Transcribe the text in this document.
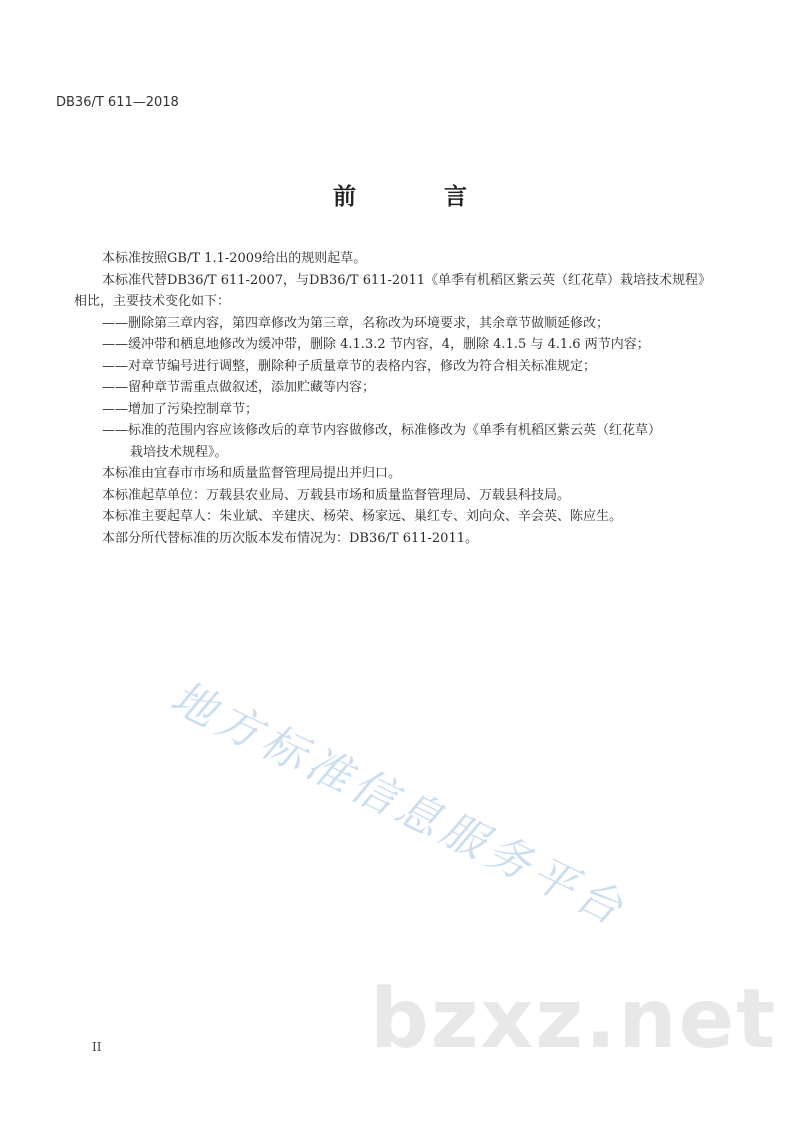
DB36/T 611—2018
前 言
本标准按照GB/T 1.1-2009给出的规则起草。
本标准代替DB36/T 611-2007，与DB36/T 611-2011《单季有机稻区紫云英（红花草）栽培技术规程》
相比，主要技术变化如下：
——删除第三章内容，第四章修改为第三章，名称改为环境要求，其余章节做顺延修改；
——缓冲带和栖息地修改为缓冲带，删除 4.1.3.2 节内容，4，删除 4.1.5 与 4.1.6 两节内容；
——对章节编号进行调整，删除种子质量章节的表格内容，修改为符合相关标准规定；
——留种章节需重点做叙述，添加贮藏等内容；
——增加了污染控制章节；
——标准的范围内容应该修改后的章节内容做修改，标准修改为《单季有机稻区紫云英（红花草）
栽培技术规程》。
本标准由宜春市市场和质量监督管理局提出并归口。
本标准起草单位：万载县农业局、万载县市场和质量监督管理局、万载县科技局。
本标准主要起草人：朱业斌、辛建庆、杨荣、杨家远、巢红专、刘向众、辛会英、陈应生。
本部分所代替标准的历次版本发布情况为：DB36/T 611-2011。
地方标准信息服务平台
bzxz.net
II
